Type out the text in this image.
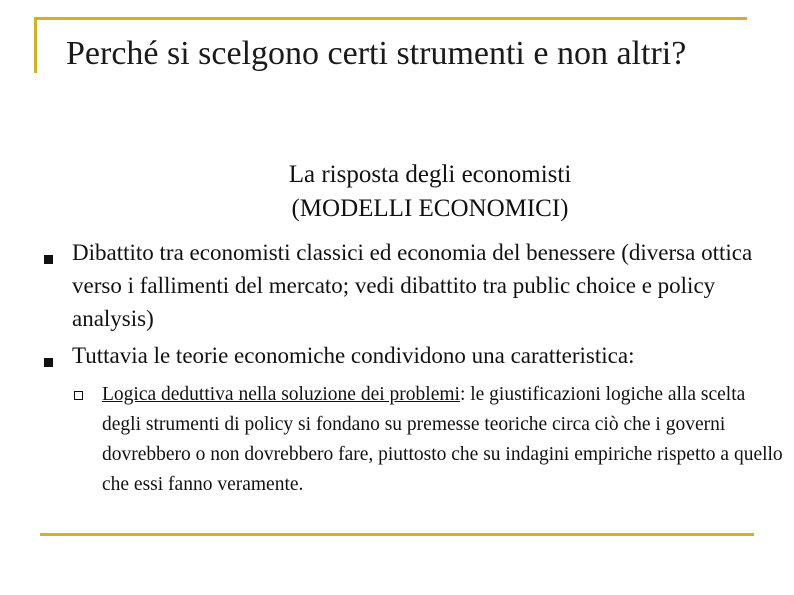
Perché si scelgono certi strumenti e non altri?
La risposta degli economisti
(MODELLI ECONOMICI)
Dibattito tra economisti classici ed economia del benessere (diversa ottica verso i fallimenti del mercato; vedi dibattito tra public choice e policy analysis)
Tuttavia le teorie economiche condividono una caratteristica:
Logica deduttiva nella soluzione dei problemi: le giustificazioni logiche alla scelta degli strumenti di policy si fondano su premesse teoriche circa ciò che i governi dovrebbero o non dovrebbero fare, piuttosto che su indagini empiriche rispetto a quello che essi fanno veramente.
